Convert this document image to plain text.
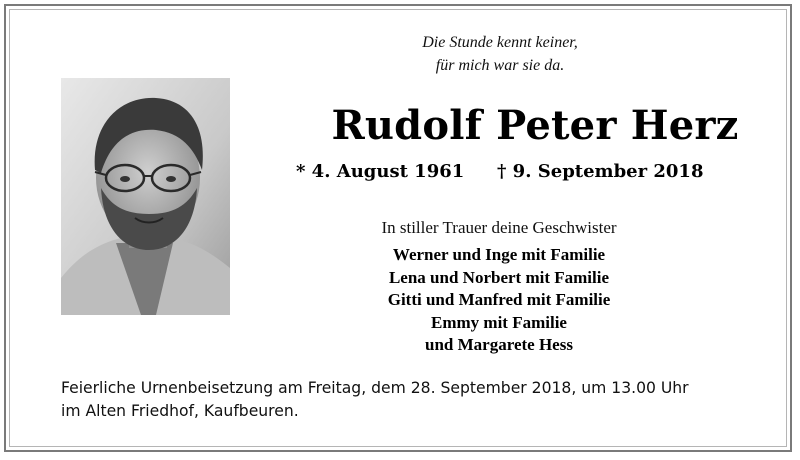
Die Stunde kennt keiner,
für mich war sie da.
Rudolf Peter Herz
* 4. August 1961 † 9. September 2018
In stiller Trauer deine Geschwister
Werner und Inge mit Familie
Lena und Norbert mit Familie
Gitti und Manfred mit Familie
Emmy mit Familie
und Margarete Hess
Feierliche Urnenbeisetzung am Freitag, dem 28. September 2018, um 13.00 Uhr
im Alten Friedhof, Kaufbeuren.
